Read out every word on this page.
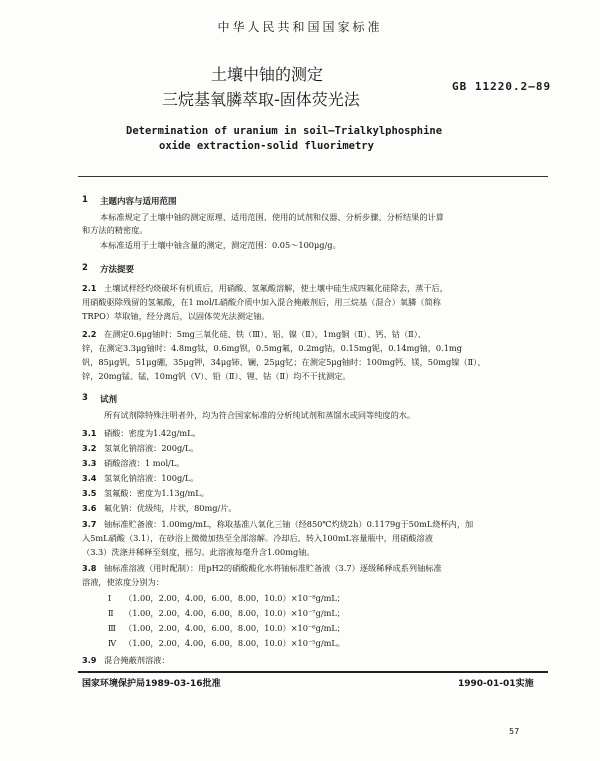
中华人民共和国国家标准
土壤中铀的测定
三烷基氧膦萃取-固体荧光法
GB 11220.2—89
Determination of uranium in soil—Trialkylphosphine
oxide extraction-solid fluorimetry
1 主题内容与适用范围
本标准规定了土壤中铀的测定原理、适用范围、使用的试剂和仪器、分析步骤、分析结果的计算
和方法的精密度。
本标准适用于土壤中铀含量的测定，测定范围：0.05～100μg/g。
2 方法提要
2.1 土壤试样经灼烧破坏有机质后，用硝酸、氢氟酸溶解，使土壤中硅生成四氟化硅除去，蒸干后，
用硝酸驱除残留的氢氟酸，在1 mol/L硝酸介质中加入混合掩蔽剂后，用三烷基（混合）氧膦（简称
TRPO）萃取铀，经分离后，以固体荧光法测定铀。
2.2 在测定0.6μg铀时：5mg三氧化硅、铁（Ⅲ）、铝、镍（Ⅱ），1mg铜（Ⅱ）、钙、钴（Ⅱ）、
锌，在测定3.3μg铀时：4.8mg钛，0.6mg钡，0.5mg氟，0.2mg钴，0.15mg铌，0.14mg铀，0.1mg
钒，85μg钒，51μg硼，35μg钾，34μg铈、镧，25μg钇；在测定5μg铀时：100mg钙、镁，50mg镍（Ⅱ）、
锌，20mg锰、锰，10mg钒（V）、铅（Ⅱ）、锂、钴（Ⅱ）均不干扰测定。
3 试剂
所有试剂除特殊注明者外，均为符合国家标准的分析纯试剂和蒸馏水或同等纯度的水。
3.1 硝酸：密度为1.42g/mL。
3.2 氢氧化钠溶液：200g/L。
3.3 硝酸溶液：1 mol/L。
3.4 氢氧化钠溶液：100g/L。
3.5 氢氟酸：密度为1.13g/mL。
3.6 氟化钠：优级纯，片状，80mg/片。
3.7 铀标准贮备液：1.00mg/mL，称取基准八氧化三铀（经850℃灼烧2h）0.1179g于50mL烧杯内，加
入5mL硝酸（3.1），在砂浴上微微加热至全部溶解。冷却后，转入100mL容量瓶中，用硝酸溶液
（3.3）洗涤并稀释至刻度，摇匀。此溶液每毫升含1.00mg铀。
3.8 铀标准溶液（用时配制）：用pH2的硝酸酸化水将铀标准贮备液（3.7）逐级稀释成系列铀标准
溶液，使浓度分别为：
Ⅰ （1.00，2.00，4.00，6.00，8.00，10.0）×10⁻⁸g/mL；
Ⅱ （1.00，2.00，4.00，6.00，8.00，10.0）×10⁻⁷g/mL；
Ⅲ （1.00，2.00，4.00，6.00，8.00，10.0）×10⁻⁶g/mL；
Ⅳ （1.00，2.00，4.00，6.00，8.00，10.0）×10⁻⁵g/mL。
3.9 混合掩蔽剂溶液：
国家环境保护局1989-03-16批准	1990-01-01实施
57
